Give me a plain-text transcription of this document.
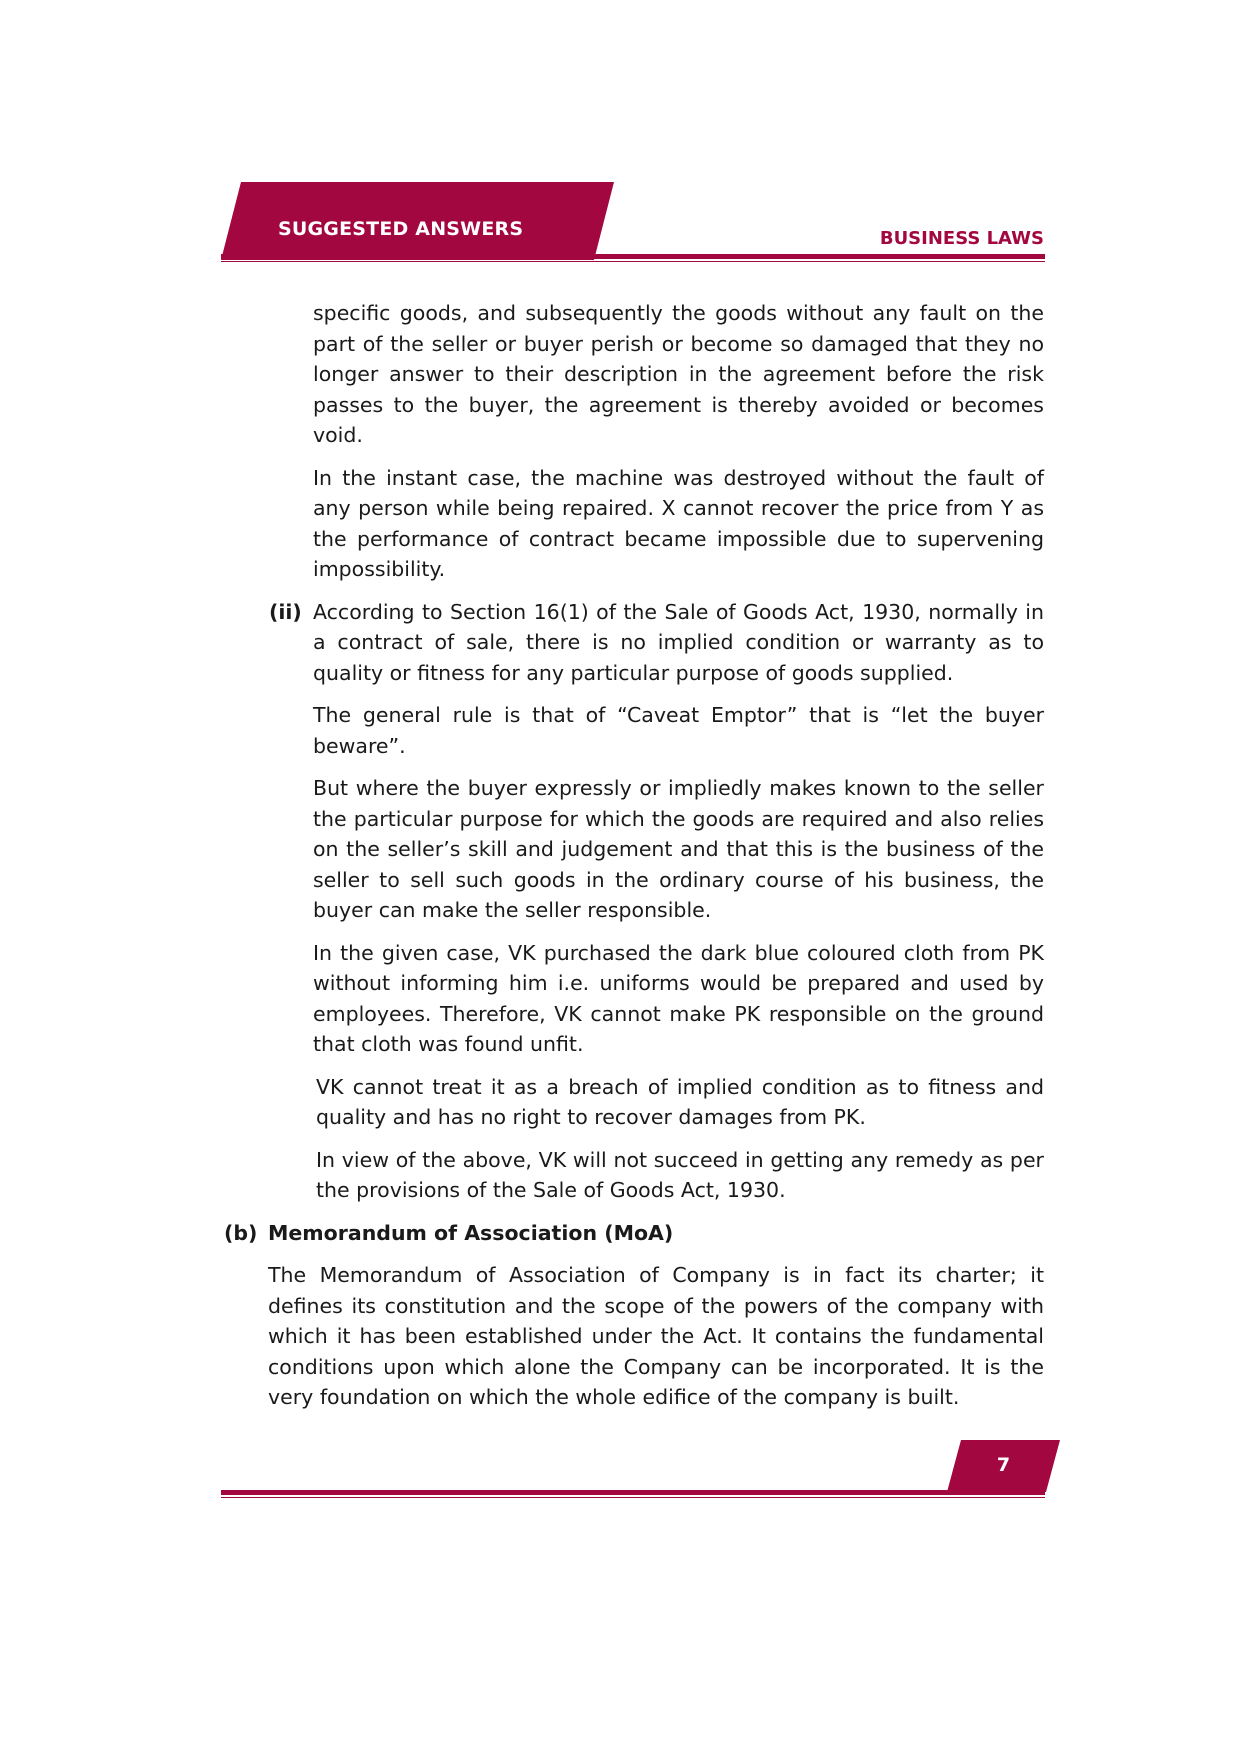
SUGGESTED ANSWERS	BUSINESS LAWS

specific goods, and subsequently the goods without any fault on the part of the seller or buyer perish or become so damaged that they no longer answer to their description in the agreement before the risk passes to the buyer, the agreement is thereby avoided or becomes void.

In the instant case, the machine was destroyed without the fault of any person while being repaired. X cannot recover the price from Y as the performance of contract became impossible due to supervening impossibility.

(ii) According to Section 16(1) of the Sale of Goods Act, 1930, normally in a contract of sale, there is no implied condition or warranty as to quality or fitness for any particular purpose of goods supplied.

The general rule is that of “Caveat Emptor” that is “let the buyer beware”.

But where the buyer expressly or impliedly makes known to the seller the particular purpose for which the goods are required and also relies on the seller’s skill and judgement and that this is the business of the seller to sell such goods in the ordinary course of his business, the buyer can make the seller responsible.

In the given case, VK purchased the dark blue coloured cloth from PK without informing him i.e. uniforms would be prepared and used by employees. Therefore, VK cannot make PK responsible on the ground that cloth was found unfit.

VK cannot treat it as a breach of implied condition as to fitness and quality and has no right to recover damages from PK.

In view of the above, VK will not succeed in getting any remedy as per the provisions of the Sale of Goods Act, 1930.

(b) Memorandum of Association (MoA)

The Memorandum of Association of Company is in fact its charter; it defines its constitution and the scope of the powers of the company with which it has been established under the Act. It contains the fundamental conditions upon which alone the Company can be incorporated. It is the very foundation on which the whole edifice of the company is built.

7
